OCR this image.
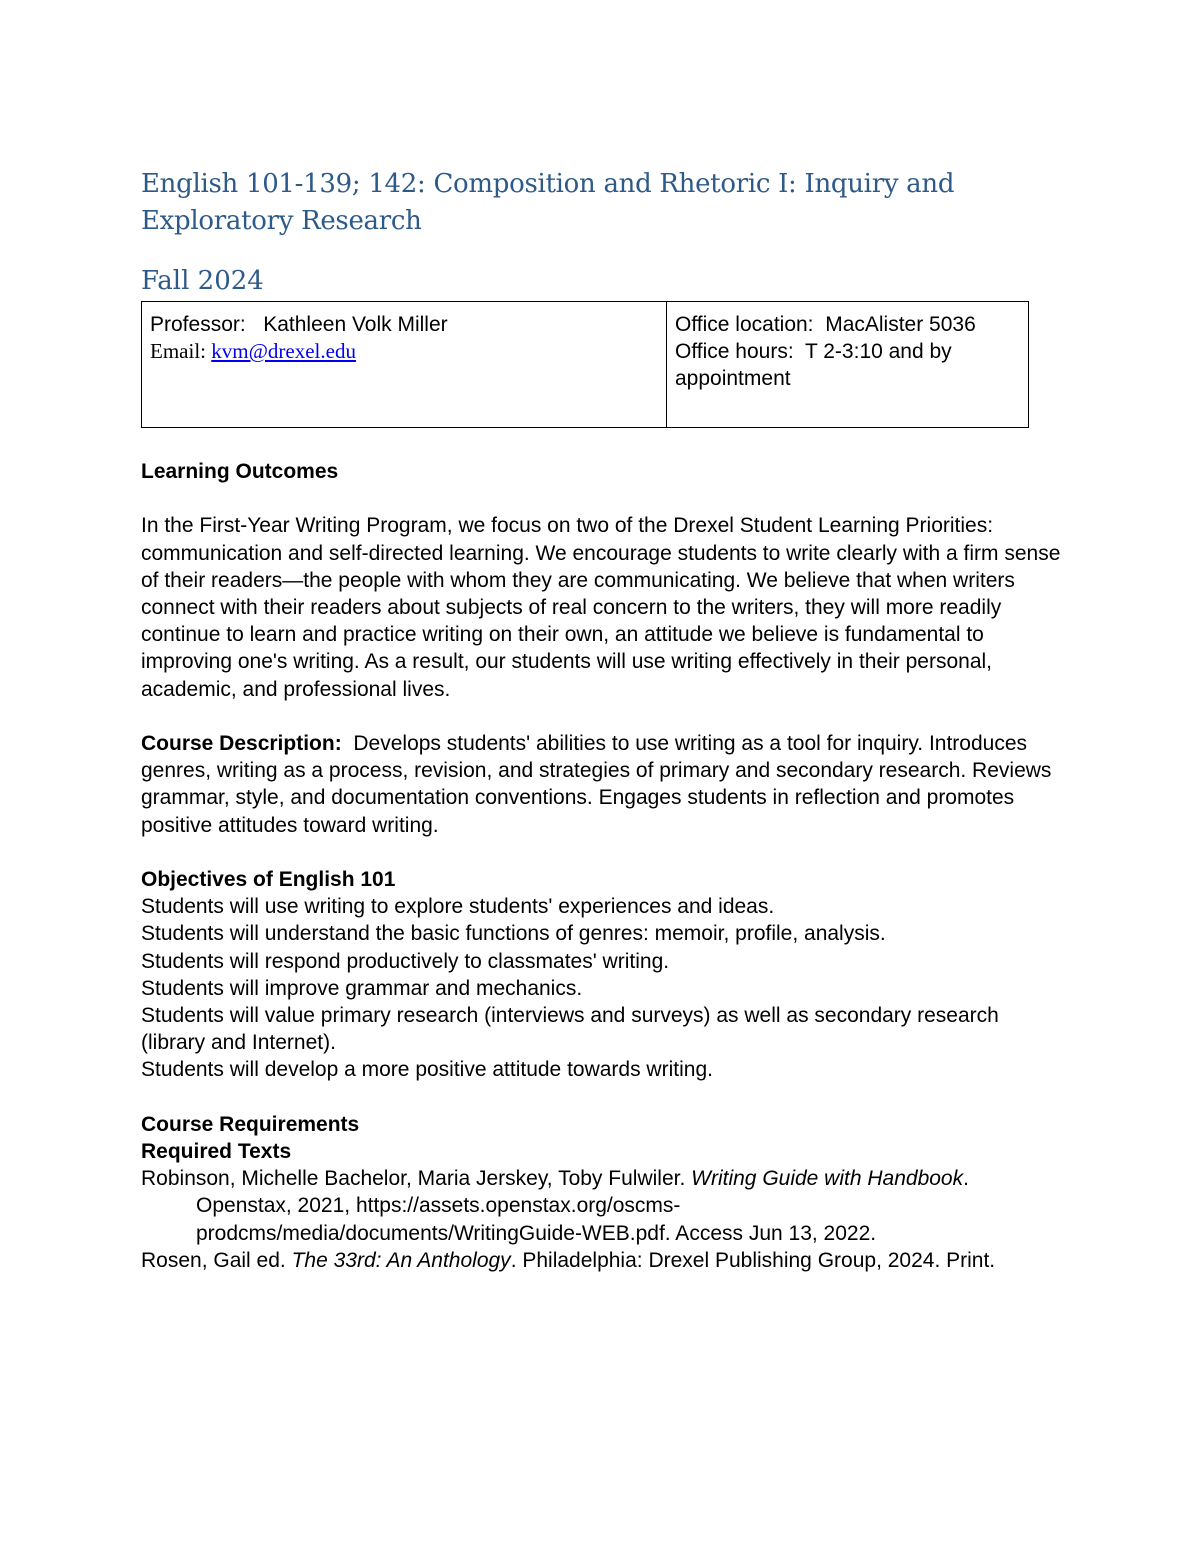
English 101-139; 142: Composition and Rhetoric I: Inquiry and Exploratory Research
Fall 2024
Professor: Kathleen Volk Miller
Email: kvm@drexel.edu

Office location: MacAlister 5036
Office hours: T 2-3:10 and by appointment

Learning Outcomes

In the First-Year Writing Program, we focus on two of the Drexel Student Learning Priorities: communication and self-directed learning. We encourage students to write clearly with a firm sense of their readers—the people with whom they are communicating. We believe that when writers connect with their readers about subjects of real concern to the writers, they will more readily continue to learn and practice writing on their own, an attitude we believe is fundamental to improving one's writing. As a result, our students will use writing effectively in their personal, academic, and professional lives.

Course Description: Develops students' abilities to use writing as a tool for inquiry. Introduces genres, writing as a process, revision, and strategies of primary and secondary research. Reviews grammar, style, and documentation conventions. Engages students in reflection and promotes positive attitudes toward writing.

Objectives of English 101

Students will use writing to explore students' experiences and ideas.

Students will understand the basic functions of genres: memoir, profile, analysis.

Students will respond productively to classmates' writing.

Students will improve grammar and mechanics.

Students will value primary research (interviews and surveys) as well as secondary research (library and Internet).

Students will develop a more positive attitude towards writing.

Course Requirements

Required Texts

Robinson, Michelle Bachelor, Maria Jerskey, Toby Fulwiler. Writing Guide with Handbook. Openstax, 2021, https://assets.openstax.org/oscms-prodcms/media/documents/WritingGuide-WEB.pdf. Access Jun 13, 2022.

Rosen, Gail ed. The 33rd: An Anthology. Philadelphia: Drexel Publishing Group, 2024. Print.
